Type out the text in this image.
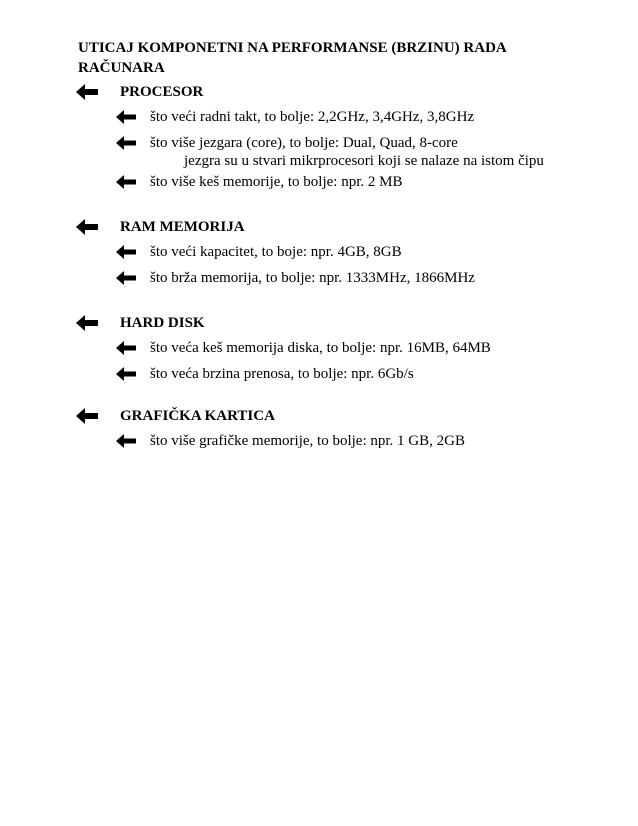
UTICAJ KOMPONETNI NA PERFORMANSE (BRZINU) RADA RAČUNARA
PROCESOR
što veći radni takt, to bolje: 2,2GHz, 3,4GHz, 3,8GHz
što više jezgara (core), to bolje: Dual, Quad, 8-core
jezgra su u stvari mikrprocesori koji se nalaze na istom čipu
što više keš memorije, to bolje: npr. 2 MB
RAM MEMORIJA
što veći kapacitet, to boje: npr. 4GB, 8GB
što brža memorija, to bolje: npr. 1333MHz, 1866MHz
HARD DISK
što veća keš memorija diska, to bolje: npr. 16MB, 64MB
što veća brzina prenosa, to bolje: npr. 6Gb/s
GRAFIČKA KARTICA
što više grafičke memorije, to bolje: npr. 1 GB, 2GB
